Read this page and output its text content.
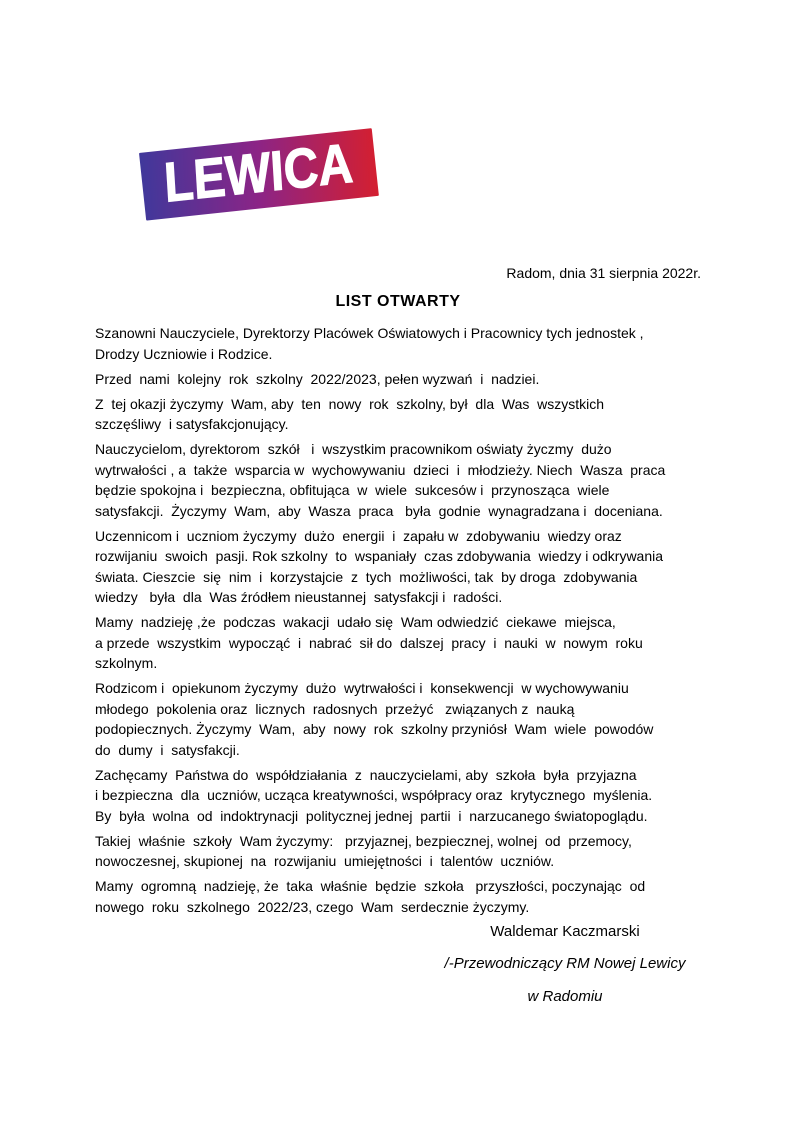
LEWICA
Radom, dnia 31 sierpnia 2022r.
LIST OTWARTY

Szanowni Nauczyciele, Dyrektorzy Placówek Oświatowych i Pracownicy tych jednostek ,
Drodzy Uczniowie i Rodzice.

Przed  nami  kolejny  rok  szkolny  2022/2023, pełen wyzwań  i  nadziei.

Z  tej okazji życzymy  Wam, aby  ten  nowy  rok  szkolny, był  dla  Was  wszystkich
szczęśliwy  i satysfakcjonujący.

Nauczycielom, dyrektorom  szkół   i  wszystkim pracownikom oświaty życzmy  dużo
wytrwałości , a  także  wsparcia w  wychowywaniu  dzieci  i  młodzieży. Niech  Wasza  praca
będzie spokojna i  bezpieczna, obfitująca  w  wiele  sukcesów i  przynosząca  wiele
satysfakcji.  Życzymy  Wam,  aby  Wasza  praca   była  godnie  wynagradzana i  doceniana.

Uczennicom i  uczniom życzymy  dużo  energii  i  zapału w  zdobywaniu  wiedzy oraz
rozwijaniu  swoich  pasji. Rok szkolny  to  wspaniały  czas zdobywania  wiedzy i odkrywania
świata. Cieszcie  się  nim  i  korzystajcie  z  tych  możliwości, tak  by droga  zdobywania
wiedzy   była  dla  Was źródłem nieustannej  satysfakcji i  radości.

Mamy  nadzieję ,że  podczas  wakacji  udało się  Wam odwiedzić  ciekawe  miejsca,
a przede  wszystkim  wypocząć  i  nabrać  sił do  dalszej  pracy  i  nauki  w  nowym  roku
szkolnym.

Rodzicom i  opiekunom życzymy  dużo  wytrwałości i  konsekwencji  w wychowywaniu
młodego  pokolenia oraz  licznych  radosnych  przeżyć   związanych z  nauką
podopiecznych. Życzymy  Wam,  aby  nowy  rok  szkolny przyniósł  Wam  wiele  powodów
do  dumy  i  satysfakcji.

Zachęcamy  Państwa do  współdziałania  z  nauczycielami, aby  szkoła  była  przyjazna
i bezpieczna  dla  uczniów, ucząca kreatywności, współpracy oraz  krytycznego  myślenia.
By  była  wolna  od  indoktrynacji  politycznej jednej  partii  i  narzucanego światopoglądu.

Takiej  właśnie  szkoły  Wam życzymy:   przyjaznej, bezpiecznej, wolnej  od  przemocy,
nowoczesnej, skupionej  na  rozwijaniu  umiejętności  i  talentów  uczniów.

Mamy  ogromną  nadzieję, że  taka  właśnie  będzie  szkoła   przyszłości, poczynając  od
nowego  roku  szkolnego  2022/23, czego  Wam  serdecznie życzymy.

Waldemar Kaczmarski
/-Przewodniczący RM Nowej Lewicy
w Radomiu
